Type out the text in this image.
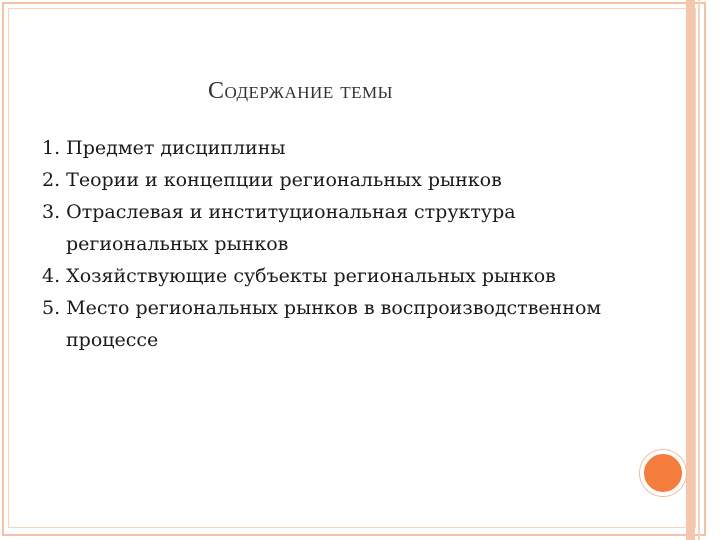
Содержание темы
1. Предмет дисциплины
2. Теории и концепции региональных рынков
3. Отраслевая и институциональная структура региональных рынков
4. Хозяйствующие субъекты региональных рынков
5. Место региональных рынков в воспроизводственном процессе
